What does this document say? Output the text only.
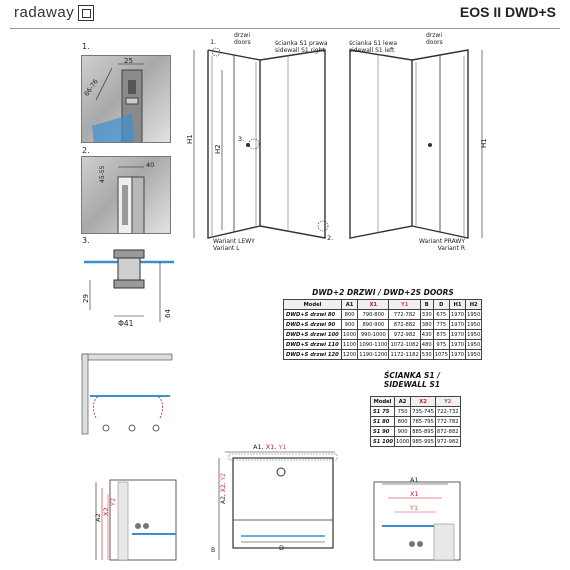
radaway	EOS II DWD+S
1.
25
66-76
2.
45-55
40
3.
29
Φ41
64
H1
H2
1.
3.
2.
drzwi
doors	ścianka S1 prawa
sidewall S1 right
Wariant LEWY
Variant L
H1
ścianka S1 lewa
sidewall S1 left
drzwi
doors
Wariant PRAWY
Variant R
DWD+2 DRZWI / DWD+2S DOORS
Model	A1	X1	Y1	B	D	H1	H2
DWD+S drzwi 80	800	790-800	772-782	330	675	1970	1950
DWD+S drzwi 90	900	890-900	872-882	380	775	1970	1950
DWD+S drzwi 100	1000	990-1000	972-982	430	875	1970	1950
DWD+S drzwi 110	1100	1090-1100	1072-1082	480	975	1970	1950
DWD+S drzwi 120	1200	1190-1200	1172-1182	530	1075	1970	1950
ŚCIANKA S1 /
SIDEWALL S1
Model	A2	X2	Y2
S1 75	750	735-745	722-732
S1 80	800	785-795	772-782
S1 90	900	885-895	872-882
S1 100	1000	985-995	972-982
A1, X1, Y1
D
A2, X2, Y2
B
A2
X2
Y2
A1
X1
Y1
